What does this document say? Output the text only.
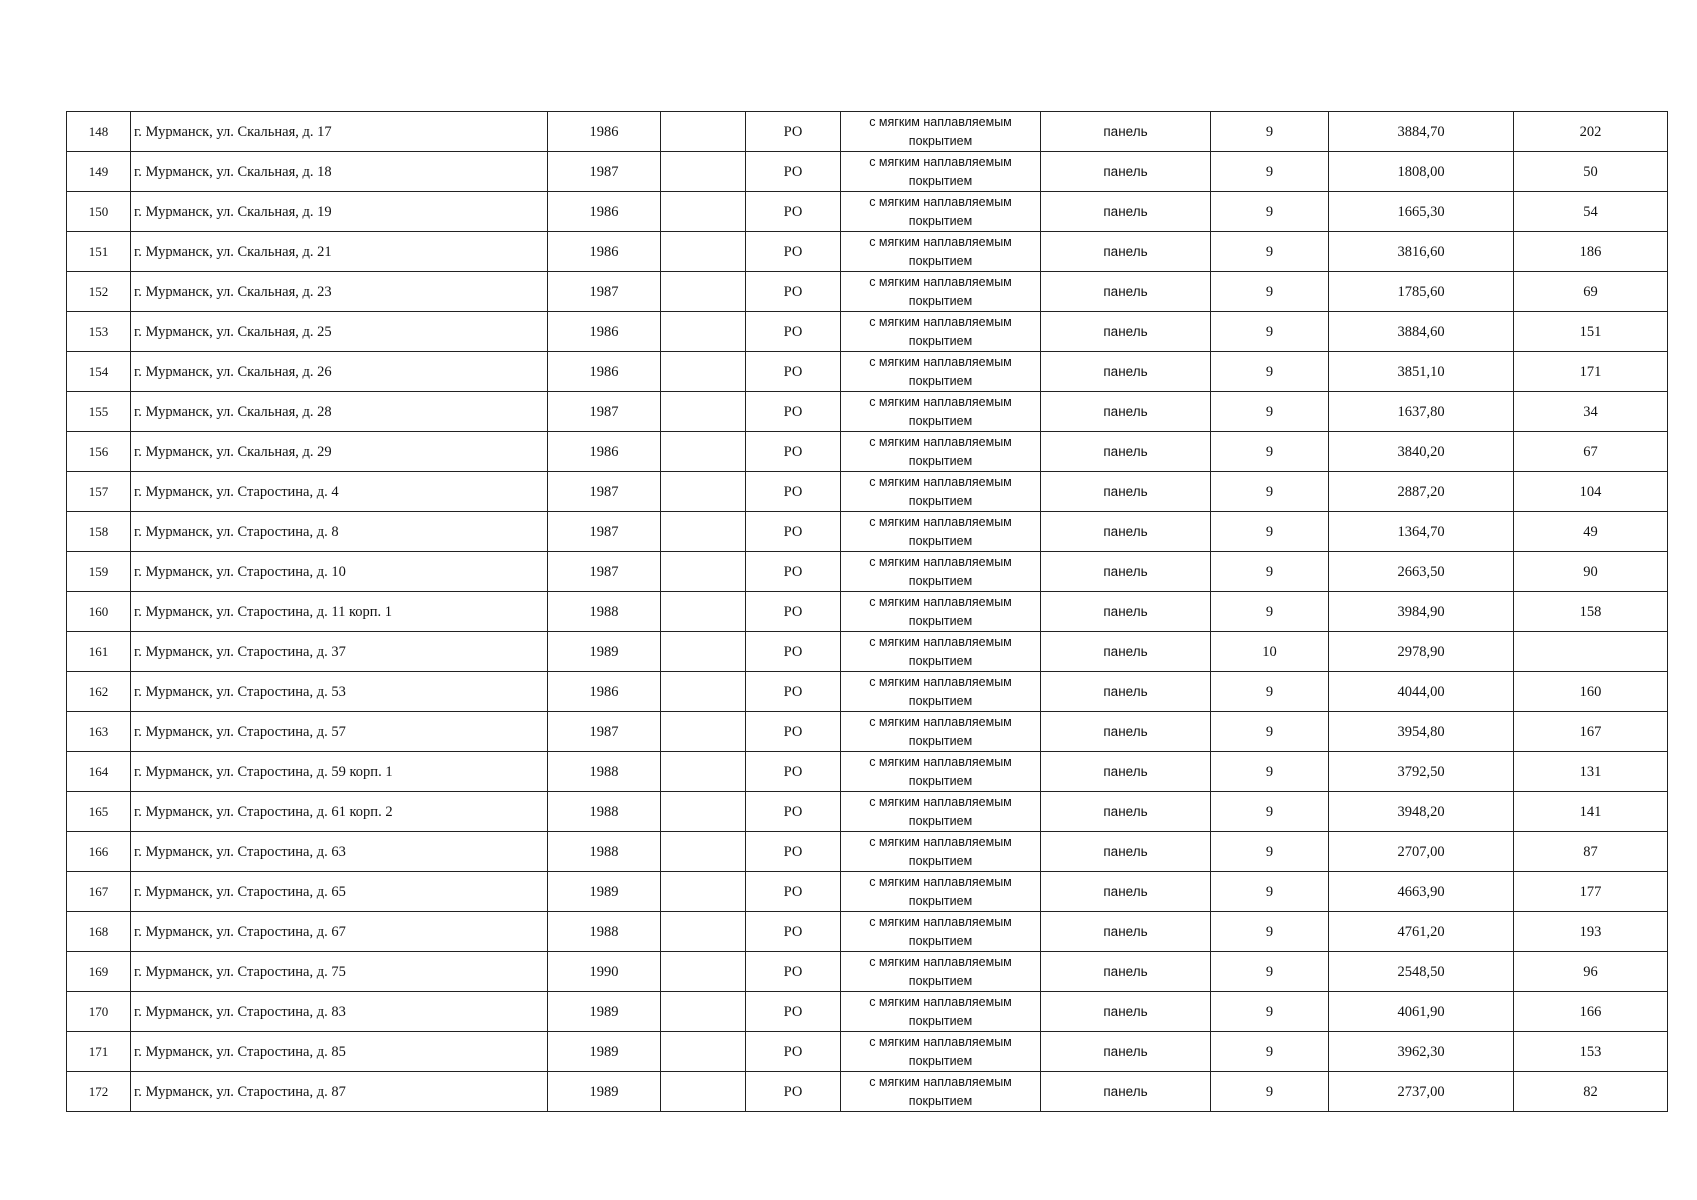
148	г. Мурманск, ул. Скальная, д. 17	1986		РО	с мягким наплавляемым покрытием	панель	9	3884,70	202
149	г. Мурманск, ул. Скальная, д. 18	1987		РО	с мягким наплавляемым покрытием	панель	9	1808,00	50
150	г. Мурманск, ул. Скальная, д. 19	1986		РО	с мягким наплавляемым покрытием	панель	9	1665,30	54
151	г. Мурманск, ул. Скальная, д. 21	1986		РО	с мягким наплавляемым покрытием	панель	9	3816,60	186
152	г. Мурманск, ул. Скальная, д. 23	1987		РО	с мягким наплавляемым покрытием	панель	9	1785,60	69
153	г. Мурманск, ул. Скальная, д. 25	1986		РО	с мягким наплавляемым покрытием	панель	9	3884,60	151
154	г. Мурманск, ул. Скальная, д. 26	1986		РО	с мягким наплавляемым покрытием	панель	9	3851,10	171
155	г. Мурманск, ул. Скальная, д. 28	1987		РО	с мягким наплавляемым покрытием	панель	9	1637,80	34
156	г. Мурманск, ул. Скальная, д. 29	1986		РО	с мягким наплавляемым покрытием	панель	9	3840,20	67
157	г. Мурманск, ул. Старостина, д. 4	1987		РО	с мягким наплавляемым покрытием	панель	9	2887,20	104
158	г. Мурманск, ул. Старостина, д. 8	1987		РО	с мягким наплавляемым покрытием	панель	9	1364,70	49
159	г. Мурманск, ул. Старостина, д. 10	1987		РО	с мягким наплавляемым покрытием	панель	9	2663,50	90
160	г. Мурманск, ул. Старостина, д. 11 корп. 1	1988		РО	с мягким наплавляемым покрытием	панель	9	3984,90	158
161	г. Мурманск, ул. Старостина, д. 37	1989		РО	с мягким наплавляемым покрытием	панель	10	2978,90	
162	г. Мурманск, ул. Старостина, д. 53	1986		РО	с мягким наплавляемым покрытием	панель	9	4044,00	160
163	г. Мурманск, ул. Старостина, д. 57	1987		РО	с мягким наплавляемым покрытием	панель	9	3954,80	167
164	г. Мурманск, ул. Старостина, д. 59 корп. 1	1988		РО	с мягким наплавляемым покрытием	панель	9	3792,50	131
165	г. Мурманск, ул. Старостина, д. 61 корп. 2	1988		РО	с мягким наплавляемым покрытием	панель	9	3948,20	141
166	г. Мурманск, ул. Старостина, д. 63	1988		РО	с мягким наплавляемым покрытием	панель	9	2707,00	87
167	г. Мурманск, ул. Старостина, д. 65	1989		РО	с мягким наплавляемым покрытием	панель	9	4663,90	177
168	г. Мурманск, ул. Старостина, д. 67	1988		РО	с мягким наплавляемым покрытием	панель	9	4761,20	193
169	г. Мурманск, ул. Старостина, д. 75	1990		РО	с мягким наплавляемым покрытием	панель	9	2548,50	96
170	г. Мурманск, ул. Старостина, д. 83	1989		РО	с мягким наплавляемым покрытием	панель	9	4061,90	166
171	г. Мурманск, ул. Старостина, д. 85	1989		РО	с мягким наплавляемым покрытием	панель	9	3962,30	153
172	г. Мурманск, ул. Старостина, д. 87	1989		РО	с мягким наплавляемым покрытием	панель	9	2737,00	82
